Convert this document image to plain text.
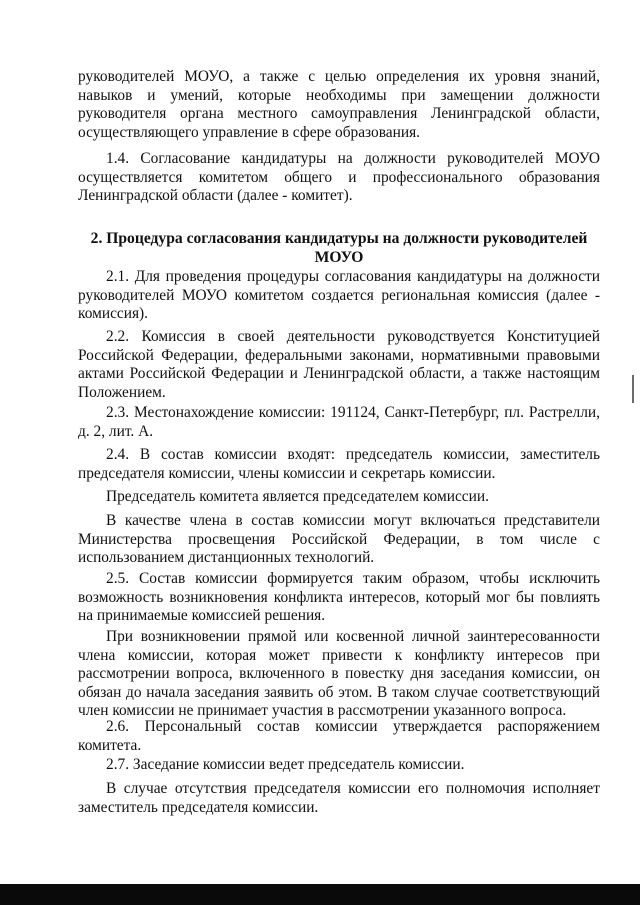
руководителей МОУО, а также с целью определения их уровня знаний, навыков и умений, которые необходимы при замещении должности руководителя органа местного самоуправления Ленинградской области, осуществляющего управление в сфере образования.

1.4. Согласование кандидатуры на должности руководителей МОУО осуществляется комитетом общего и профессионального образования Ленинградской области (далее - комитет).

2. Процедура согласования кандидатуры на должности руководителей МОУО

2.1. Для проведения процедуры согласования кандидатуры на должности руководителей МОУО комитетом создается региональная комиссия (далее - комиссия).

2.2. Комиссия в своей деятельности руководствуется Конституцией Российской Федерации, федеральными законами, нормативными правовыми актами Российской Федерации и Ленинградской области, а также настоящим Положением.

2.3. Местонахождение комиссии: 191124, Санкт-Петербург, пл. Растрелли, д. 2, лит. А.

2.4. В состав комиссии входят: председатель комиссии, заместитель председателя комиссии, члены комиссии и секретарь комиссии.

Председатель комитета является председателем комиссии.

В качестве члена в состав комиссии могут включаться представители Министерства просвещения Российской Федерации, в том числе с использованием дистанционных технологий.

2.5. Состав комиссии формируется таким образом, чтобы исключить возможность возникновения конфликта интересов, который мог бы повлиять на принимаемые комиссией решения.

При возникновении прямой или косвенной личной заинтересованности члена комиссии, которая может привести к конфликту интересов при рассмотрении вопроса, включенного в повестку дня заседания комиссии, он обязан до начала заседания заявить об этом. В таком случае соответствующий член комиссии не принимает участия в рассмотрении указанного вопроса.

2.6. Персональный состав комиссии утверждается распоряжением комитета.

2.7. Заседание комиссии ведет председатель комиссии.

В случае отсутствия председателя комиссии его полномочия исполняет заместитель председателя комиссии.
